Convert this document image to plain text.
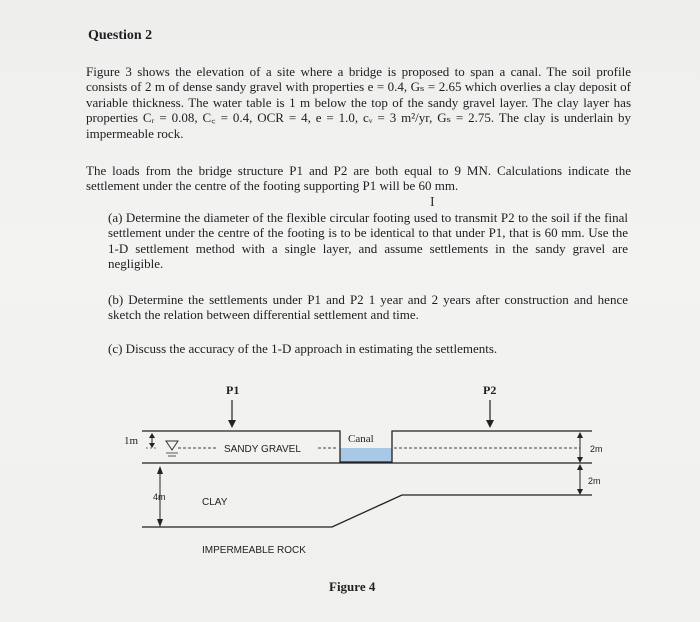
Question 2
Figure 3 shows the elevation of a site where a bridge is proposed to span a canal. The soil profile consists of 2 m of dense sandy gravel with properties e = 0.4, Gₛ = 2.65 which overlies a clay deposit of variable thickness. The water table is 1 m below the top of the sandy gravel layer. The clay layer has properties Cᵣ = 0.08, C꜀ = 0.4, OCR = 4, e = 1.0, cᵥ = 3 m²/yr, Gₛ = 2.75. The clay is underlain by impermeable rock.
The loads from the bridge structure P1 and P2 are both equal to 9 MN. Calculations indicate the settlement under the centre of the footing supporting P1 will be 60 mm.
I
(a) Determine the diameter of the flexible circular footing used to transmit P2 to the soil if the final settlement under the centre of the footing is to be identical to that under P1, that is 60 mm. Use the 1-D settlement method with a single layer, and assume settlements in the sandy gravel are negligible.
(b) Determine the settlements under P1 and P2 1 year and 2 years after construction and hence sketch the relation between differential settlement and time.
(c) Discuss the accuracy of the 1-D approach in estimating the settlements.
P1	P2
1m
4m
2m
2m
SANDY GRAVEL
CLAY
IMPERMEABLE ROCK
Canal
Figure 4
